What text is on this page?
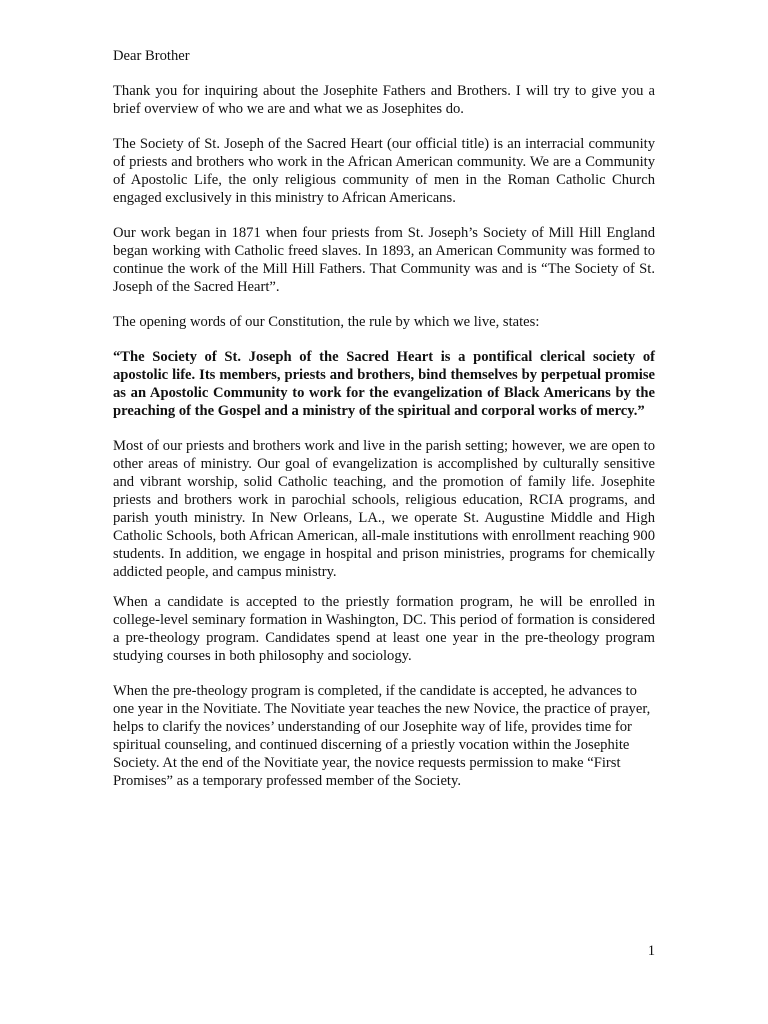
Dear Brother

Thank you for inquiring about the Josephite Fathers and Brothers. I will try to give you a brief overview of who we are and what we as Josephites do.

The Society of St. Joseph of the Sacred Heart (our official title) is an interracial community of priests and brothers who work in the African American community. We are a Community of Apostolic Life, the only religious community of men in the Roman Catholic Church engaged exclusively in this ministry to African Americans.

Our work began in 1871 when four priests from St. Joseph’s Society of Mill Hill England began working with Catholic freed slaves. In 1893, an American Community was formed to continue the work of the Mill Hill Fathers. That Community was and is “The Society of St. Joseph of the Sacred Heart”.

The opening words of our Constitution, the rule by which we live, states:

“The Society of St. Joseph of the Sacred Heart is a pontifical clerical society of apostolic life. Its members, priests and brothers, bind themselves by perpetual promise as an Apostolic Community to work for the evangelization of Black Americans by the preaching of the Gospel and a ministry of the spiritual and corporal works of mercy.”

Most of our priests and brothers work and live in the parish setting; however, we are open to other areas of ministry. Our goal of evangelization is accomplished by culturally sensitive and vibrant worship, solid Catholic teaching, and the promotion of family life. Josephite priests and brothers work in parochial schools, religious education, RCIA programs, and parish youth ministry. In New Orleans, LA., we operate St. Augustine Middle and High Catholic Schools, both African American, all-male institutions with enrollment reaching 900 students. In addition, we engage in hospital and prison ministries, programs for chemically addicted people, and campus ministry.

When a candidate is accepted to the priestly formation program, he will be enrolled in college-level seminary formation in Washington, DC. This period of formation is considered a pre-theology program. Candidates spend at least one year in the pre-theology program studying courses in both philosophy and sociology.

When the pre-theology program is completed, if the candidate is accepted, he advances to one year in the Novitiate. The Novitiate year teaches the new Novice, the practice of prayer, helps to clarify the novices’ understanding of our Josephite way of life, provides time for spiritual counseling, and continued discerning of a priestly vocation within the Josephite Society. At the end of the Novitiate year, the novice requests permission to make “First Promises” as a temporary professed member of the Society.

1
